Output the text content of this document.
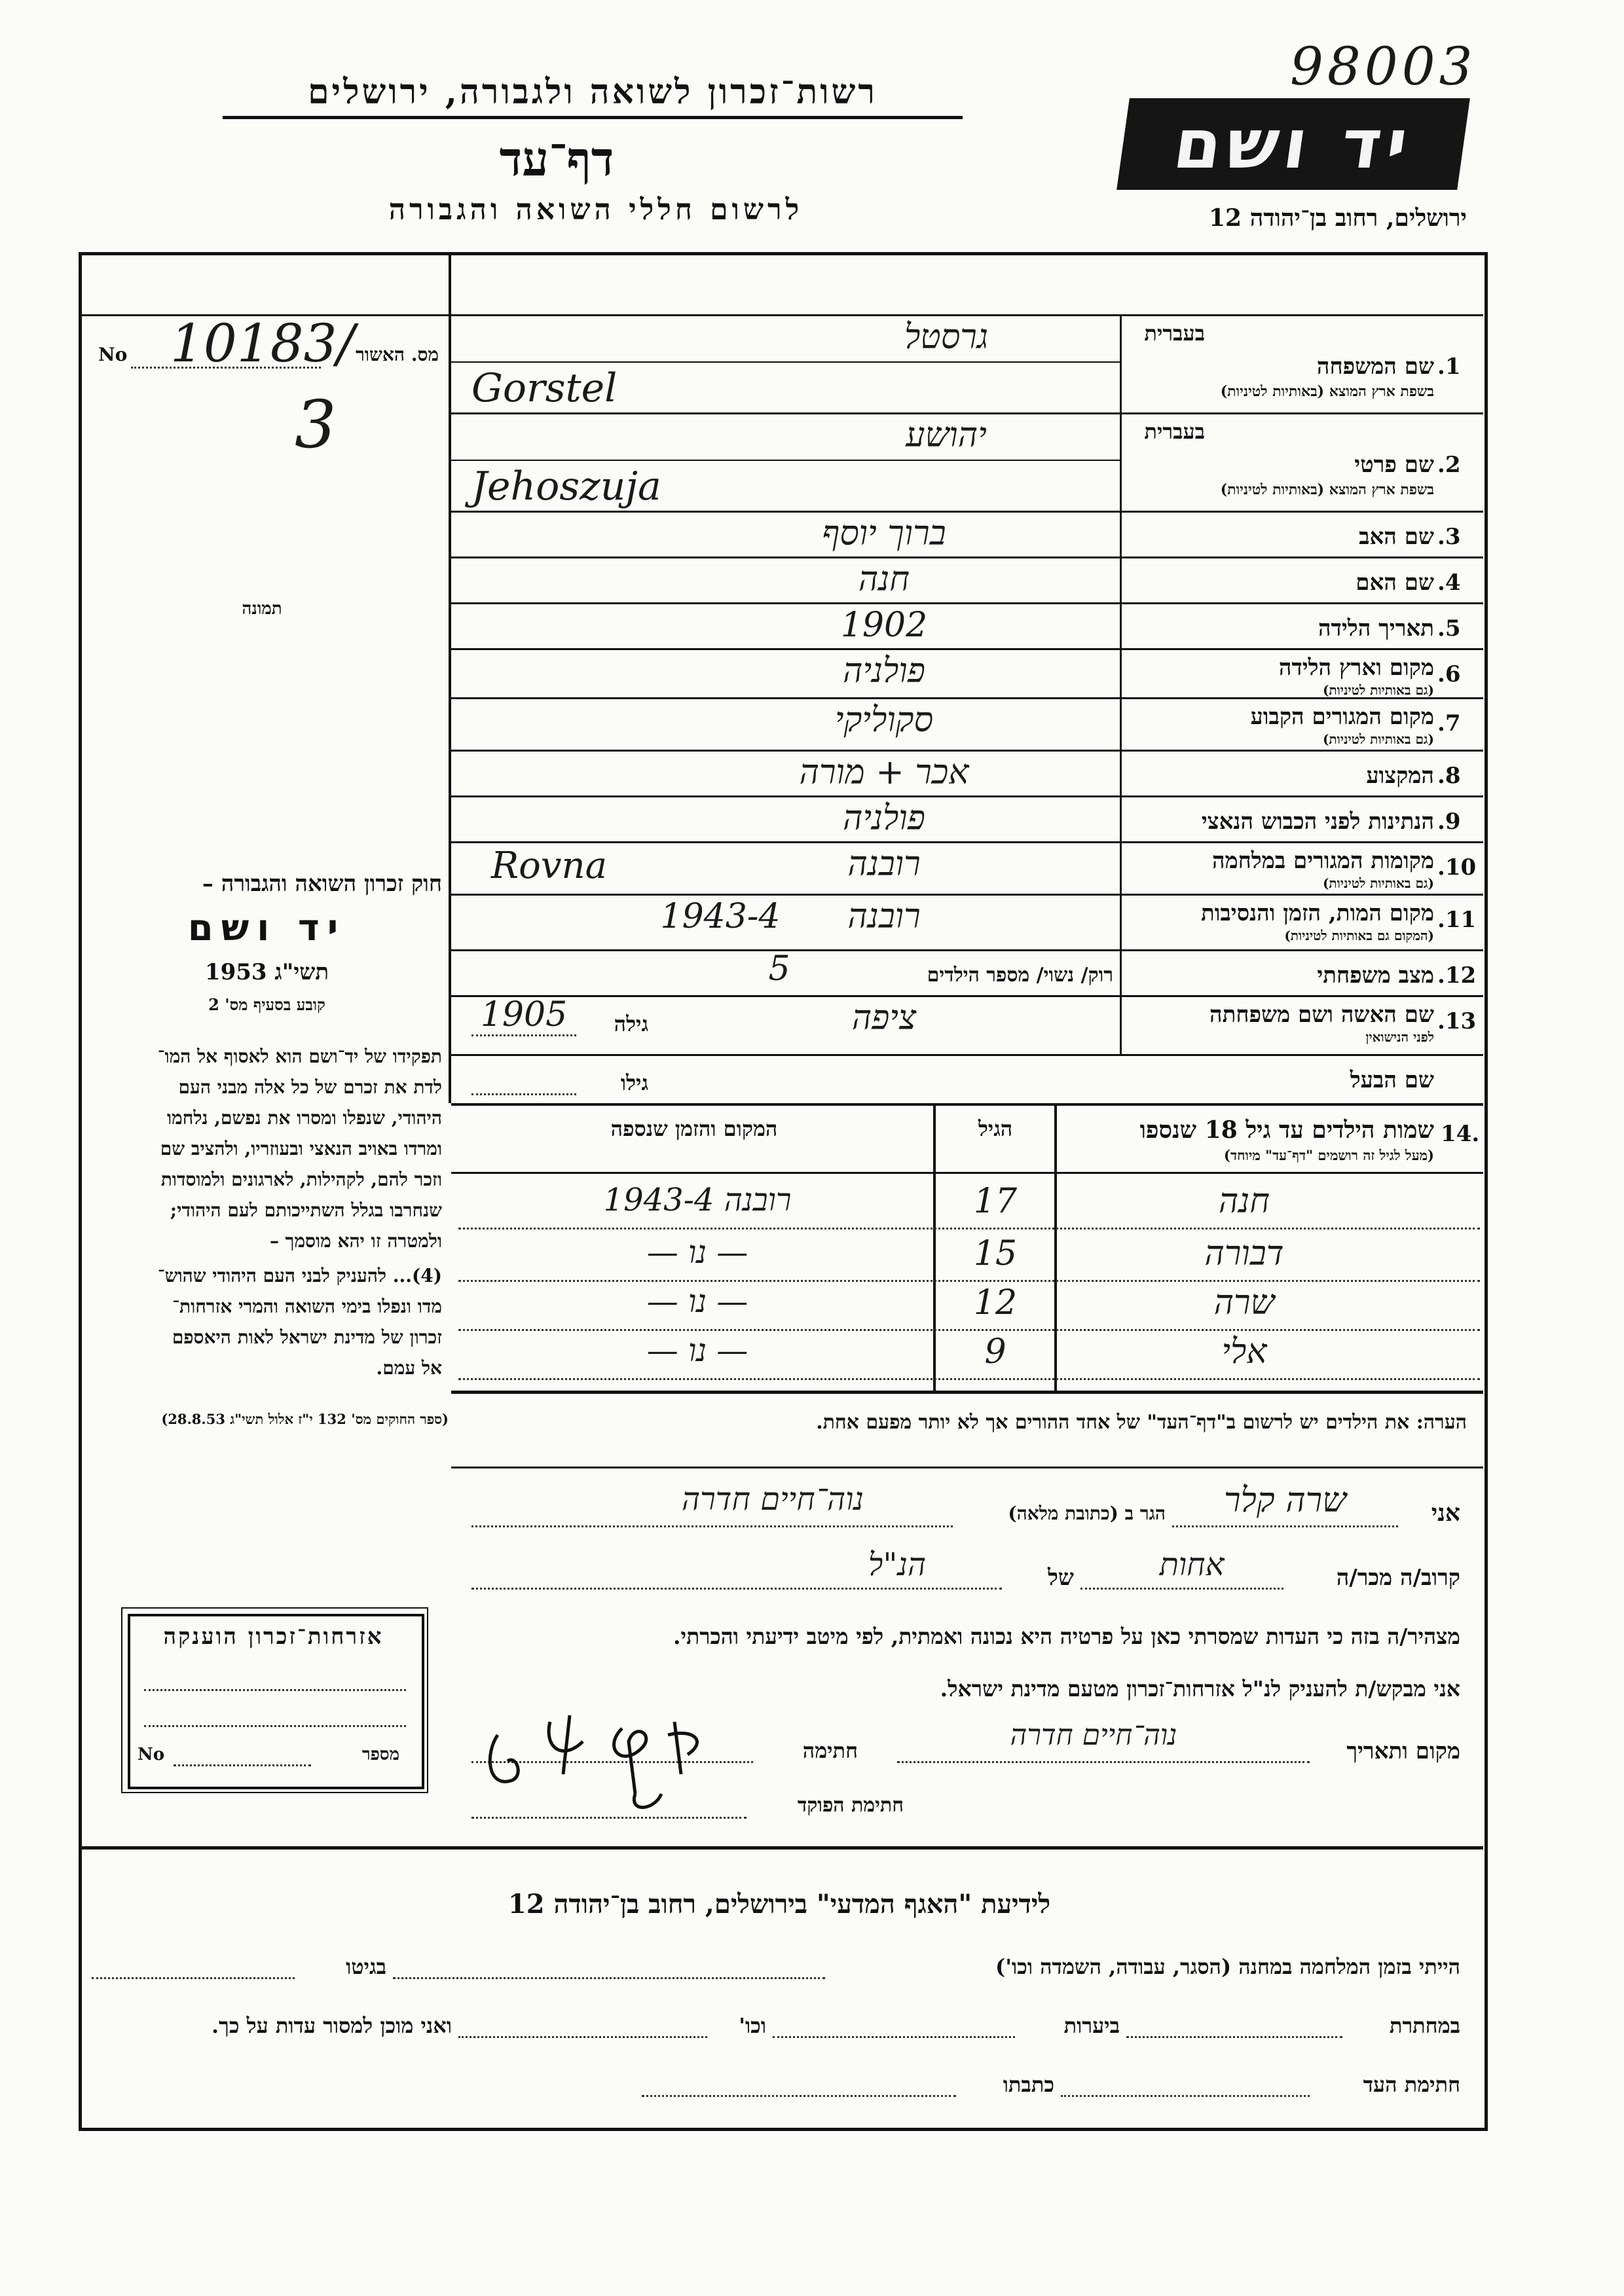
98003
רשות־זכרון לשואה ולגבורה, ירושלים
דף־עד
לרשום חללי השואה והגבורה
יד ושם
ירושלים, רחוב בן־יהודה 12
מס. האשור
No 10183/
3
תמונה
חוק זכרון השואה והגבורה –
יד ושם
תשי"ג 1953
קובע בסעיף מס' 2
תפקידו של יד־ושם הוא לאסוף אל המו־
לדת את זכרם של כל אלה מבני העם
היהודי, שנפלו ומסרו את נפשם, נלחמו
ומרדו באויב הנאצי ובעוזריו, ולהציב שם
וזכר להם, לקהילות, לארגונים ולמוסדות
שנחרבו בגלל השתייכותם לעם היהודי;
ולמטרה זו יהא מוסמך –
(4)... להעניק לבני העם היהודי שהוש־
מדו ונפלו בימי השואה והמרי אזרחות־
זכרון של מדינת ישראל לאות היאספם
אל עמם.
(ספר החוקים מס' 132 י"ז אלול תשי"ג 28.8.53)
1.
בעברית
שם המשפחה
בשפת ארץ המוצא (באותיות לטיניות)
גרסטל
Gorstel
2.
בעברית
שם פרטי
בשפת ארץ המוצא (באותיות לטיניות)
יהושע
Jehoszuja
3.
שם האב
ברוך יוסף
4.
שם האם
חנה
5.
תאריך הלידה
1902
6.
מקום וארץ הלידה
(גם באותיות לטיניות)
פולניה
7.
מקום המגורים הקבוע
(גם באותיות לטיניות)
סקוליקי
8.
המקצוע
אכר + מורה
9.
הנתינות לפני הכבוש הנאצי
פולניה
10.
מקומות המגורים במלחמה
(גם באותיות לטיניות)
רובנה
Rovna
11.
מקום המות, הזמן והנסיבות
(המקום גם באותיות לטיניות)
רובנה
1943-4
12.
מצב משפחתי
רוק/ נשוי/ מספר הילדים
5
13.
שם האשה ושם משפחתה
לפני הנישואין
ציפה
גילה
1905
שם הבעל
גילו
14.
שמות הילדים עד גיל 18 שנספו
(מעל לגיל זה רושמים "דף־עד" מיוחד)
הגיל
המקום והזמן שנספה
חנה
17
רובנה 1943-4
דבורה
15
— נו —
שרה
12
— נו —
אלי
9
— נו —
הערה: את הילדים יש לרשום ב"דף־העד" של אחד ההורים אך לא יותר מפעם אחת.
אני
שרה קלר
הגר ב (כתובת מלאה)
נוה־חיים חדרה
קרוב/ה מכר/ה
אחות
של
הנ"ל
מצהיר/ה בזה כי העדות שמסרתי כאן על פרטיה היא נכונה ואמתית, לפי מיטב ידיעתי והכרתי.
אני מבקש/ת להעניק לנ"ל אזרחות־זכרון מטעם מדינת ישראל.
מקום ותאריך
נוה־חיים חדרה
חתימה
חתימת הפוקד
אזרחות־זכרון הוענקה
מספר
No
לידיעת "האגף המדעי" בירושלים, רחוב בן־יהודה 12
הייתי בזמן המלחמה במחנה (הסגר, עבודה, השמדה וכו')
בגיטו
במחתרת
ביערות
וכו'
ואני מוכן למסור עדות על כך.
חתימת העד
כתבתו
